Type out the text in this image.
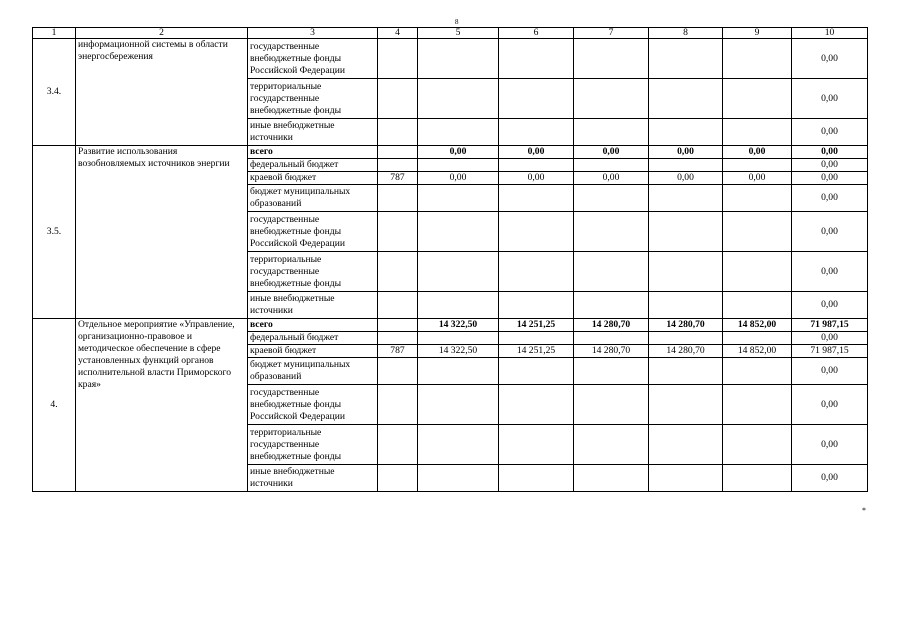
8
1	2	3	4	5	6	7	8	9	10
3.4.	информационной системы в области энергосбережения	государственные внебюджетные фонды Российской Федерации							0,00
		территориальные государственные внебюджетные фонды							0,00
		иные внебюджетные источники							0,00
3.5.	Развитие использования возобновляемых источников энергии	всего		0,00	0,00	0,00	0,00	0,00	0,00
		федеральный бюджет							0,00
		краевой бюджет	787	0,00	0,00	0,00	0,00	0,00	0,00
		бюджет муниципальных образований							0,00
		государственные внебюджетные фонды Российской Федерации							0,00
		территориальные государственные внебюджетные фонды							0,00
		иные внебюджетные источники							0,00
4.	Отдельное мероприятие «Управление, организационно-правовое и методическое обеспечение в сфере установленных функций органов исполнительной власти Приморского края»	всего		14 322,50	14 251,25	14 280,70	14 280,70	14 852,00	71 987,15
		федеральный бюджет							0,00
		краевой бюджет	787	14 322,50	14 251,25	14 280,70	14 280,70	14 852,00	71 987,15
		бюджет муниципальных образований							0,00
		государственные внебюджетные фонды Российской Федерации							0,00
		территориальные государственные внебюджетные фонды							0,00
		иные внебюджетные источники							0,00
*
